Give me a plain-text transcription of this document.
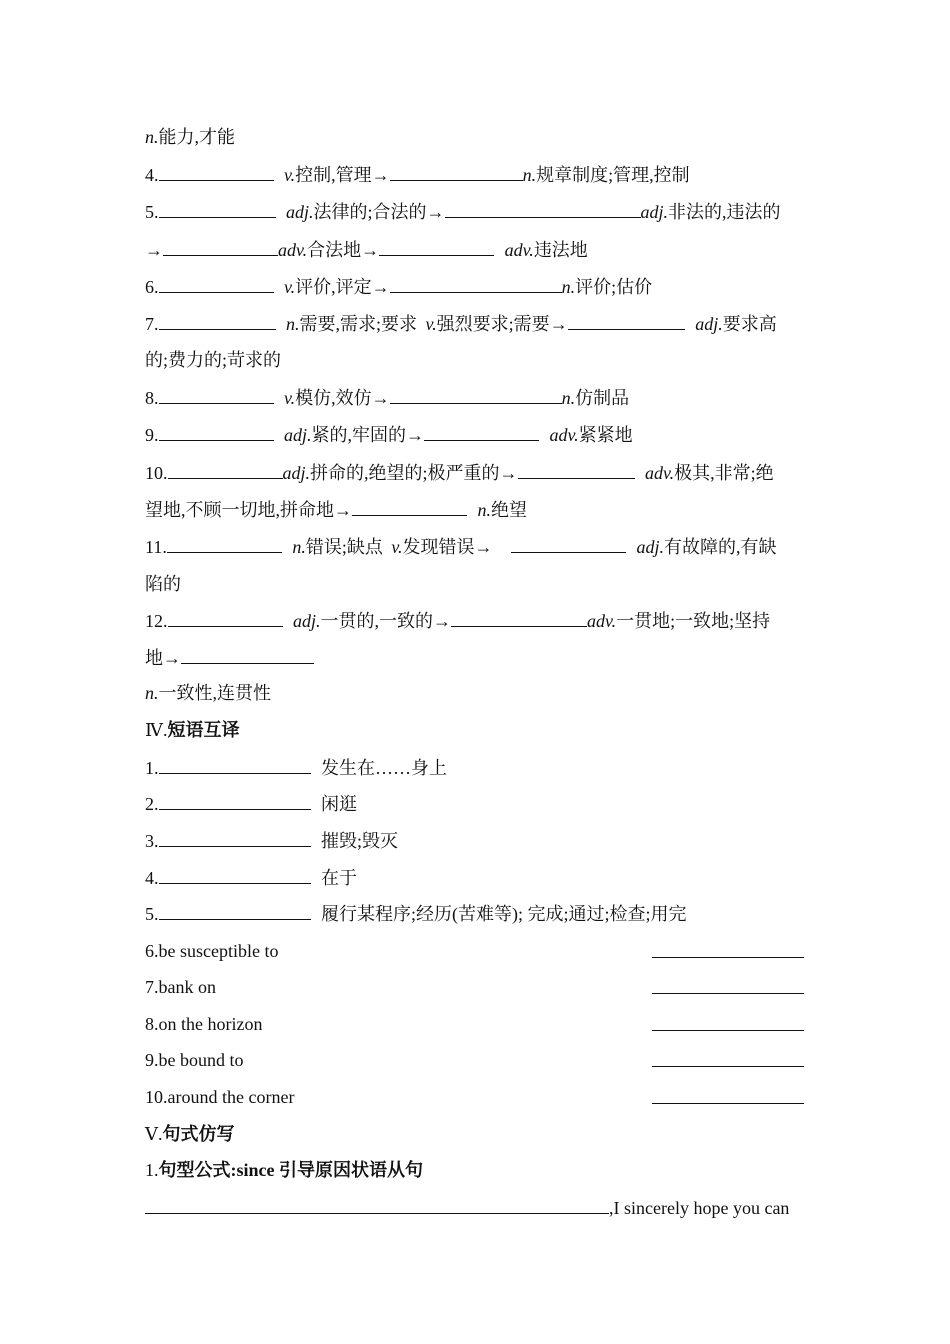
n.能力,才能
4.	v.控制,管理→	n.规章制度;管理,控制
5.	adj.法律的;合法的→	adj.非法的,违法的
→	adv.合法地→	adv.违法地
6.	v.评价,评定→	n.评价;估价
7.	n.需要,需求;要求 v.强烈要求;需要→	adj.要求高
的;费力的;苛求的
8.	v.模仿,效仿→	n.仿制品
9.	adj.紧的,牢固的→	adv.紧紧地
10.	adj.拼命的,绝望的;极严重的→	adv.极其,非常;绝
望地,不顾一切地,拼命地→	n.绝望
11.	n.错误;缺点 v.发现错误→	adj.有故障的,有缺
陷的
12.	adj.一贯的,一致的→	adv.一贯地;一致地;坚持
地→
n.一致性,连贯性
Ⅳ.短语互译
1.	发生在……身上
2.	闲逛
3.	摧毁;毁灭
4.	在于
5.	履行某程序;经历(苦难等); 完成;通过;检查;用完
6.be susceptible to
7.bank on
8.on the horizon
9.be bound to
10.around the corner
Ⅴ.句式仿写
1.句型公式:since 引导原因状语从句
,I sincerely hope you can
